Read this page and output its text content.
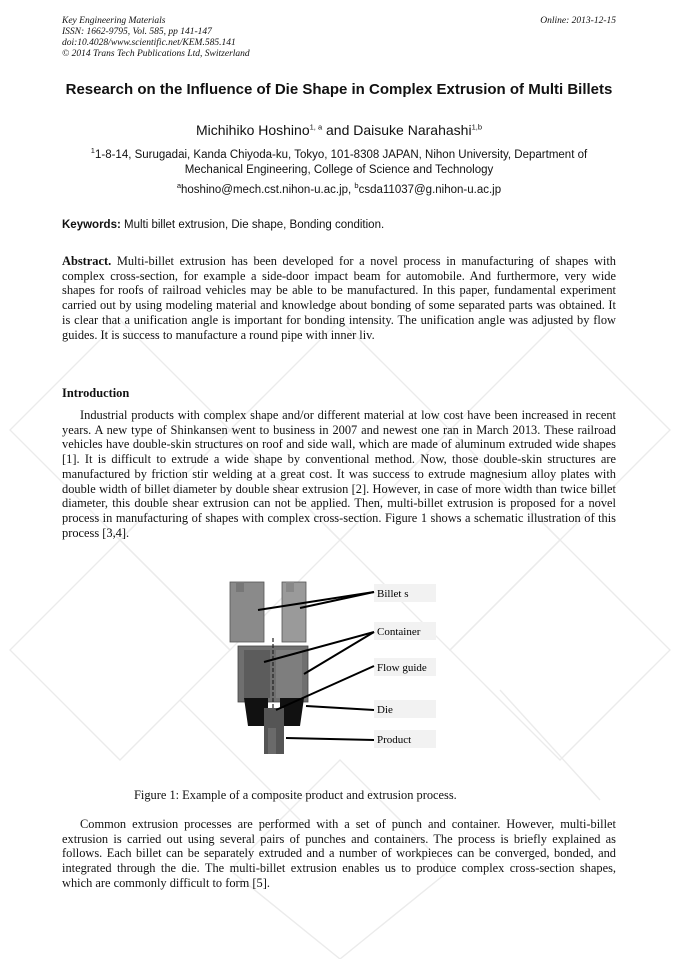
Key Engineering Materials
ISSN: 1662-9795, Vol. 585, pp 141-147
doi:10.4028/www.scientific.net/KEM.585.141
© 2014 Trans Tech Publications Ltd, Switzerland
Online: 2013-12-15
Research on the Influence of Die Shape in Complex Extrusion of Multi Billets
Michihiko Hoshino$^{1, a}$ and Daisuke Narahashi$^{1,b}$
$^1$1-8-14, Surugadai, Kanda Chiyoda-ku, Tokyo, 101-8308 JAPAN, Nihon University, Department of Mechanical Engineering, College of Science and Technology
$^a$hoshino@mech.cst.nihon-u.ac.jp, $^b$csda11037@g.nihon-u.ac.jp
Keywords: Multi billet extrusion, Die shape, Bonding condition.

Abstract. Multi-billet extrusion has been developed for a novel process in manufacturing of shapes with complex cross-section, for example a side-door impact beam for automobile. And furthermore, very wide shapes for roofs of railroad vehicles may be able to be manufactured. In this paper, fundamental experiment carried out by using modeling material and knowledge about bonding of some separated parts was obtained. It is clear that a unification angle is important for bonding intensity. The unification angle was adjusted by flow guides. It is success to manufacture a round pipe with inner liv.

Introduction

Industrial products with complex shape and/or different material at low cost have been increased in recent years. A new type of Shinkansen went to business in 2007 and newest one ran in March 2013. These railroad vehicles have double-skin structures on roof and side wall, which are made of aluminum extruded wide shapes [1]. It is difficult to extrude a wide shape by conventional method. Now, those double-skin structures are manufactured by friction stir welding at a great cost. It was success to extrude magnesium alloy plates with double width of billet diameter by double shear extrusion [2]. However, in case of more width than twice billet diameter, this double shear extrusion can not be applied. Then, multi-billet extrusion is proposed for a novel process in manufacturing of shapes with complex cross-section. Figure 1 shows a schematic illustration of this process [3,4].

Billet s
Container
Flow guide
Die
Product
Figure 1: Example of a composite product and extrusion process.

Common extrusion processes are performed with a set of punch and container. However, multi-billet extrusion is carried out using several pairs of punches and containers. The process is briefly explained as follows. Each billet can be separately extruded and a number of workpieces can be converged, bonded, and integrated through the die. The multi-billet extrusion enables us to produce complex cross-section shapes, which are commonly difficult to form [5].
